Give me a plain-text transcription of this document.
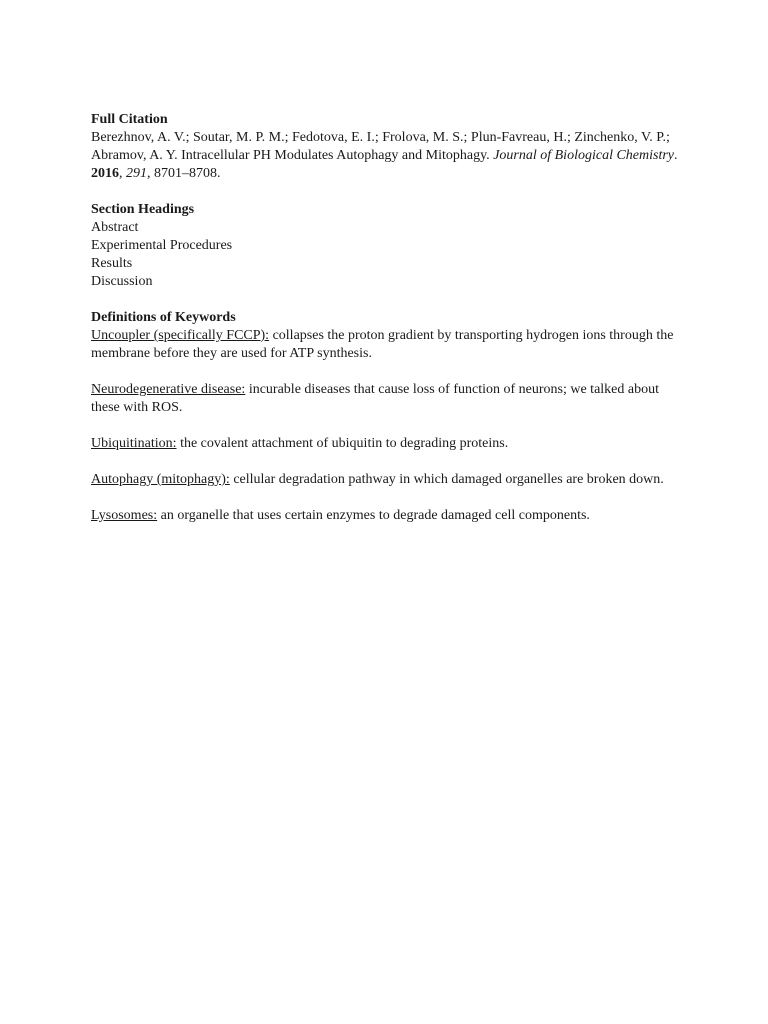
Full Citation

Berezhnov, A. V.; Soutar, M. P. M.; Fedotova, E. I.; Frolova, M. S.; Plun-Favreau, H.; Zinchenko, V. P.; Abramov, A. Y. Intracellular PH Modulates Autophagy and Mitophagy. Journal of Biological Chemistry. 2016, 291, 8701–8708.

Section Headings
Abstract
Experimental Procedures
Results
Discussion
Definitions of Keywords

Uncoupler (specifically FCCP): collapses the proton gradient by transporting hydrogen ions through the membrane before they are used for ATP synthesis.

Neurodegenerative disease: incurable diseases that cause loss of function of neurons; we talked about these with ROS.

Ubiquitination: the covalent attachment of ubiquitin to degrading proteins.

Autophagy (mitophagy): cellular degradation pathway in which damaged organelles are broken down.

Lysosomes: an organelle that uses certain enzymes to degrade damaged cell components.
